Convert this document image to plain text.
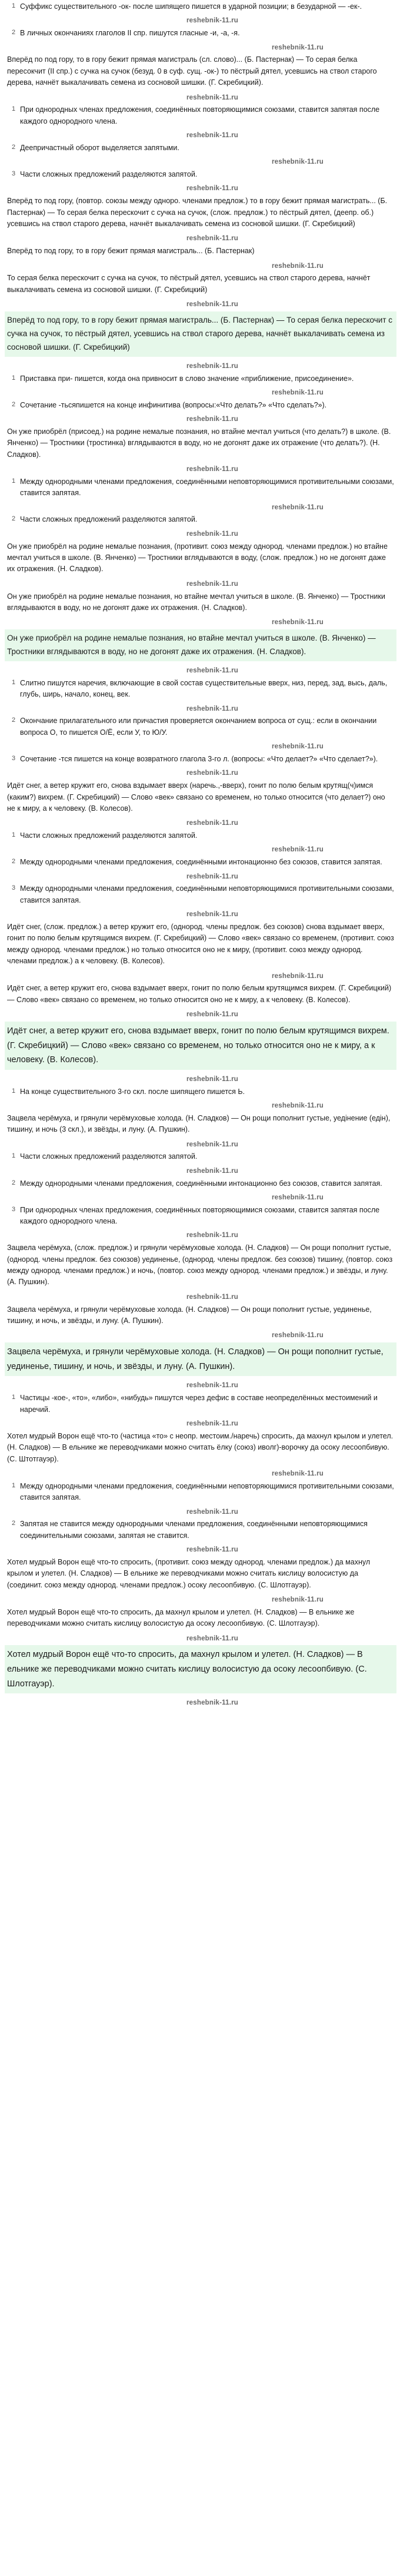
1 Суффикс существительного -ок- после шипящего пишется в ударной позиции; в безударной — -ек-.
reshebnik-11.ru
2 В личных окончаниях глаголов II спр. пишутся гласные -и, -а, -я.
reshebnik-11.ru
Вперёд по под гору, то в гору бежит прямая магистраль (сл. слово)... (Б. Пастернак) — То серая белка пересокчит (II спр.) с сучка на сучок (безуд. 0 в суф. сущ. -ок-) то пёстрый дятел, усевшись на ствол старого дерева, начнёт выкалачивать семена из сосновой шишки. (Г. Скребицкий).
reshebnik-11.ru
1 При однородных членах предложения, соединённых повторяющимися союзами, ставится запятая после каждого однородного члена.
reshebnik-11.ru
2 Деепричастный оборот выделяется запятыми.
reshebnik-11.ru
3 Части сложных предложений разделяются запятой.
reshebnik-11.ru
Вперёд то под гору, (повтор. союзы между одноро. членами предлож.) то в гору бежит прямая магистрать... (Б. Пастернак) — То серая белка перескочит с сучка на сучок, (слож. предлож.) то пёстрый дятел, (деепр. об.) усевшись на ствол старого дерева, начнёт выкалачивать семена из сосновой шишки. (Г. Скребицкий)
reshebnik-11.ru
Вперёд то под гору, то в гору бежит прямая магистраль... (Б. Пастернак)
reshebnik-11.ru
То серая белка перескочит с сучка на сучок, то пёстрый дятел, усевшись на ствол старого дерева, начнёт выкалачивать семена из сосновой шишки. (Г. Скребицкий)
reshebnik-11.ru
Вперёд то под гору, то в гору бежит прямая магистраль... (Б. Пастернак) — То серая белка перескочит с сучка на сучок, то пёстрый дятел, усевшись на ствол старого дерева, начнёт выкалачивать семена из сосновой шишки. (Г. Скребицкий)
reshebnik-11.ru
1 Приставка при- пишется, когда она привносит в слово значение «приближение, присоединение».
reshebnik-11.ru
2 Сочетание -тьсяпишется на конце инфинитива (вопросы:«Что делать?» «Что сделать?»).
reshebnik-11.ru
Он уже приобрёл (присоед.) на родине немалые познания, но втайне мечтал учиться (что делать?) в школе. (В. Янченко) — Тростники (тростинка) вглядываются в воду, но не догонят даже их отражение (что делать?). (Н. Сладков).
reshebnik-11.ru
1 Между однородными членами предложения, соединёнными неповторяющимися противительными союзами, ставится запятая.
reshebnik-11.ru
2 Части сложных предложений разделяются запятой.
reshebnik-11.ru
Он уже приобрёл на родине немалые познания, (противит. союз между однород. членами предлож.) но втайне мечтал учиться в школе. (В. Янченко) — Тростники вглядываются в воду, (слож. предлож.) но не догонят даже их отражения. (Н. Сладков).
reshebnik-11.ru
Он уже приобрёл на родине немалые познания, но втайне мечтал учиться в школе. (В. Янченко) — Тростники вглядываются в воду, но не догонят даже их отражения. (Н. Сладков).
reshebnik-11.ru
Он уже приобрёл на родине немалые познания, но втайне мечтал учиться в школе. (В. Янченко) — Тростники вглядываются в воду, но не догонят даже их отражения. (Н. Сладков).
reshebnik-11.ru
1 Слитно пишутся наречия, включающие в свой состав существительные вверх, низ, перед, зад, высь, даль, глубь, ширь, начало, конец, век.
reshebnik-11.ru
2 Окончание прилагательного или причастия проверяется окончанием вопроса от сущ.: если в окончании вопроса О, то пишется О/Ё, если У, то Ю/У.
reshebnik-11.ru
3 Сочетание -тся пишется на конце возвратного глагола 3-го л. (вопросы: «Что делает?» «Что сделает?»).
reshebnik-11.ru
Идёт снег, а ветер кружит его, снова вздымает вверх (наречь.,-вверх), гонит по полю белым крутящ(ч)имся (каким?) вихрем. (Г. Скребицкий) — Слово «век» связано со временем, но только относится (что делает?) оно не к миру, а к человеку. (В. Колесов).
reshebnik-11.ru
1 Части сложных предложений разделяются запятой.
reshebnik-11.ru
2 Между однородными членами предложения, соединёнными интонационно без союзов, ставится запятая.
reshebnik-11.ru
3 Между однородными членами предложения, соединёнными неповторяющимися противительными союзами, ставится запятая.
reshebnik-11.ru
Идёт снег, (слож. предлож.) а ветер кружит его, (однород. члены предлож. без союзов) снова вздымает вверх, гонит по полю белым крутящимся вихрем. (Г. Скребицкий) — Слово «век» связано со временем, (противит. союз между однород. членами предлож.) но только относится оно не к миру, (противит. союз между однород. членами предлож.) а к человеку. (В. Колесов).
reshebnik-11.ru
Идёт снег, а ветер кружит его, снова вздымает вверх, гонит по полю белым крутящимся вихрем. (Г. Скребицкий) — Слово «век» связано со временем, но только относится оно не к миру, а к человеку. (В. Колесов).
reshebnik-11.ru
Идёт снег, а ветер кружит его, снова вздымает вверх, гонит по полю белым крутящимся вихрем. (Г. Скребицкий) — Слово «век» связано со временем, но только относится оно не к миру, а к человеку. (В. Колесов).
reshebnik-11.ru
1 На конце существительного 3-го скл. после шипящего пишется Ь.
reshebnik-11.ru
Зацвела черёмуха, и грянули черёмуховые холода. (Н. Сладков) — Он рощи пополнит густые, уедінение (едін), тишину, и ночь (3 скл.), и звёзды, и луну. (А. Пушкин).
reshebnik-11.ru
1 Части сложных предложений разделяются запятой.
reshebnik-11.ru
2 Между однородными членами предложения, соединёнными интонационно без союзов, ставится запятая.
reshebnik-11.ru
3 При однородных членах предложения, соединённых повторяющимися союзами, ставится запятая после каждого однородного члена.
reshebnik-11.ru
Зацвела черёмуха, (слож. предлож.) и грянули черёмуховые холода. (Н. Сладков) — Он рощи пополнит густые, (однород. члены предлож. без союзов) уединенье, (однород. члены предлож. без союзов) тишину, (повтор. союз между однород. членами предлож.) и ночь, (повтор. союз между однород. членами предлож.) и звёзды, и луну. (А. Пушкин).
reshebnik-11.ru
Зацвела черёмуха, и грянули черёмуховые холода. (Н. Сладков) — Он рощи пополнит густые, уединенье, тишину, и ночь, и звёзды, и луну. (А. Пушкин).
reshebnik-11.ru
Зацвела черёмуха, и грянули черёмуховые холода. (Н. Сладков) — Он рощи пополнит густые, уединенье, тишину, и ночь, и звёзды, и луну. (А. Пушкин).
reshebnik-11.ru
1 Частицы -кое-, «то», «либо», «нибудь» пишутся через дефис в составе неопределённых местоимений и наречий.
reshebnik-11.ru
Хотел мудрый Ворон ещё что-то (частица «то» с неопр. местоим./наречь) спросить, да махнул крылом и улетел. (Н. Сладков) — В ельнике же переводчиками можно считать ёлку (союз) иволг)-ворочку да осоку лесоопбивую. (С. Штотгауэр).
reshebnik-11.ru
1 Между однородными членами предложения, соединёнными неповторяющимися противительными союзами, ставится запятая.
reshebnik-11.ru
2 Запятая не ставится между однородными членами предложения, соединёнными неповторяющимися соединительными союзами, запятая не ставится.
reshebnik-11.ru
Хотел мудрый Ворон ещё что-то спросить, (противит. союз между однород. членами предлож.) да махнул крылом и улетел. (Н. Сладков) — В ельнике же переводчиками можно считать кислицу волосистую да (соединит. союз между однород. членами предлож.) осоку лесоопбивую. (С. Шлотгауэр).
reshebnik-11.ru
Хотел мудрый Ворон ещё что-то спросить, да махнул крылом и улетел. (Н. Сладков) — В ельнике же переводчиками можно считать кислицу волосистую да осоку лесоопбивую. (С. Шлотгауэр).
reshebnik-11.ru
Хотел мудрый Ворон ещё что-то спросить, да махнул крылом и улетел. (Н. Сладков) — В ельнике же переводчиками можно считать кислицу волосистую да осоку лесоопбивую. (С. Шлотгауэр).
reshebnik-11.ru
